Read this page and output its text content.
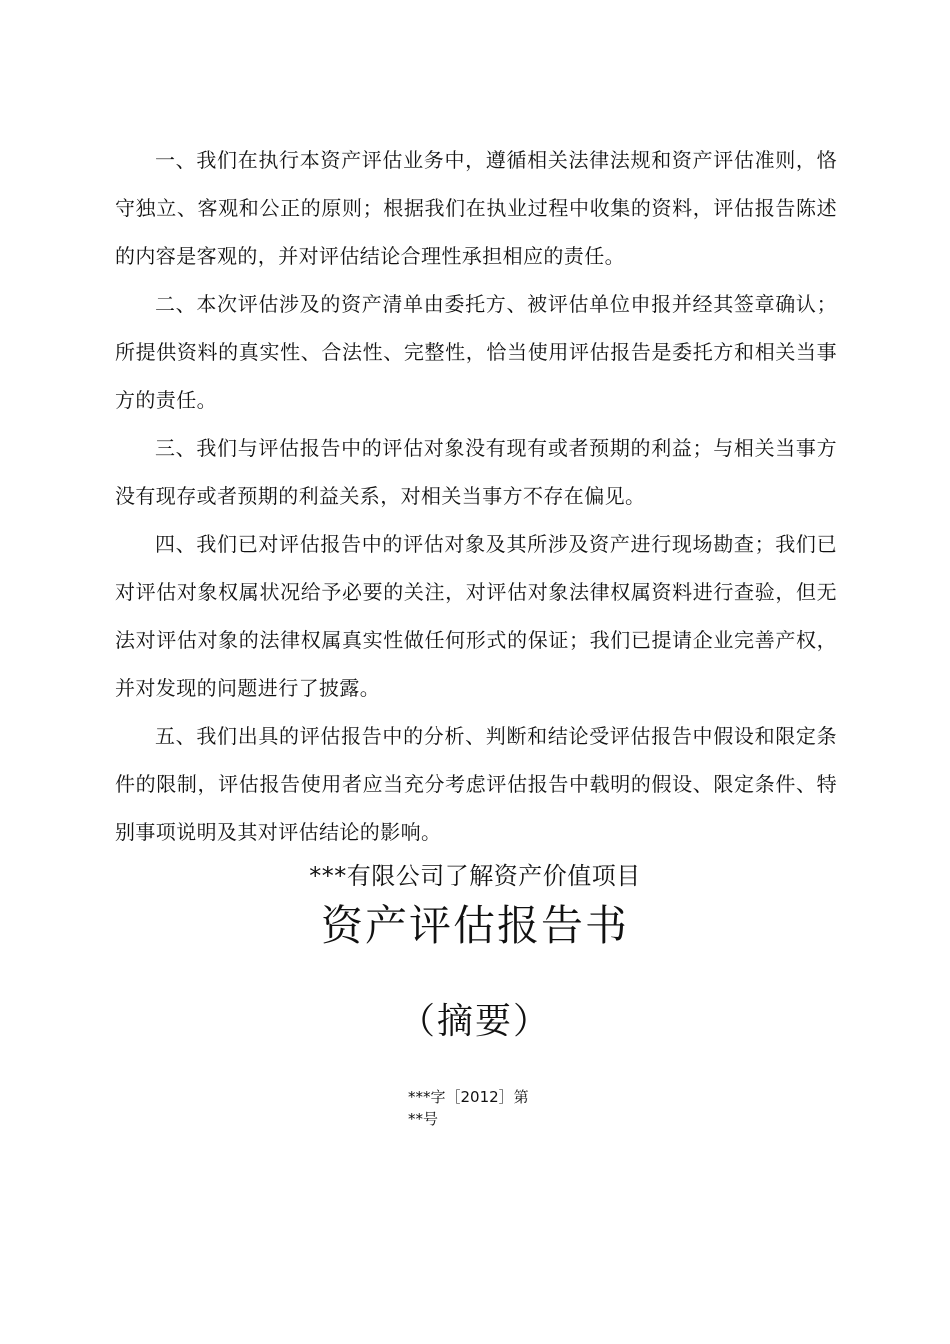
一、我们在执行本资产评估业务中，遵循相关法律法规和资产评估准则，恪守独立、客观和公正的原则；根据我们在执业过程中收集的资料，评估报告陈述的内容是客观的，并对评估结论合理性承担相应的责任。

二、本次评估涉及的资产清单由委托方、被评估单位申报并经其签章确认；所提供资料的真实性、合法性、完整性，恰当使用评估报告是委托方和相关当事方的责任。

三、我们与评估报告中的评估对象没有现有或者预期的利益；与相关当事方没有现存或者预期的利益关系，对相关当事方不存在偏见。

四、我们已对评估报告中的评估对象及其所涉及资产进行现场勘查；我们已对评估对象权属状况给予必要的关注，对评估对象法律权属资料进行查验，但无法对评估对象的法律权属真实性做任何形式的保证；我们已提请企业完善产权，并对发现的问题进行了披露。

五、我们出具的评估报告中的分析、判断和结论受评估报告中假设和限定条件的限制，评估报告使用者应当充分考虑评估报告中载明的假设、限定条件、特别事项说明及其对评估结论的影响。

***有限公司了解资产价值项目
资产评估报告书
（摘要）
***字［2012］第
**号
